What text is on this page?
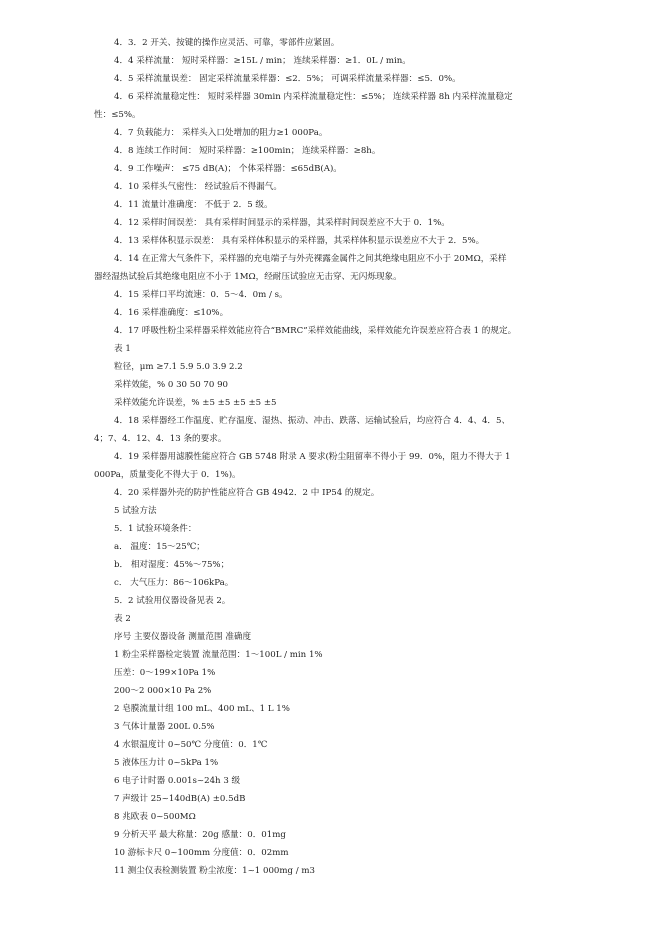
4．3．2 开关、按键的操作应灵活、可靠，零部件应紧固。
4．4 采样流量： 短时采样器：≥15L / min； 连续采样器：≥1．0L / min。
4．5 采样流量误差： 固定采样流量采样器：≤2．5%； 可调采样流量采样器：≤5．0%。
4．6 采样流量稳定性： 短时采样器 30min 内采样流量稳定性：≤5%； 连续采样器 8h 内采样流量稳定
性：≤5%。
4．7 负载能力： 采样头入口处增加的阻力≥1 000Pa。
4．8 连续工作时间： 短时采样器：≥100min； 连续采样器：≥8h。
4．9 工作噪声： ≤75 dB(A)； 个体采样器：≤65dB(A)。
4．10 采样头气密性： 经试验后不得漏气。
4．11 流量计准确度： 不低于 2．5 级。
4．12 采样时间误差： 具有采样时间显示的采样器，其采样时间误差应不大于 0．1%。
4．13 采样体积显示误差： 具有采样体积显示的采样器，其采样体积显示误差应不大于 2．5%。
4．14 在正常大气条件下，采样器的充电端子与外壳裸露金属件之间其绝缘电阻应不小于 20MΩ，采样
器经湿热试验后其绝缘电阻应不小于 1MΩ，经耐压试验应无击穿、无闪烁现象。
4．15 采样口平均流速：0．5～4．0m / s。
4．16 采样准确度：≤10%。
4．17 呼吸性粉尘采样器采样效能应符合“BMRC”采样效能曲线，采样效能允许误差应符合表 1 的规定。
表 1
粒径，μm ≥7.1 5.9 5.0 3.9 2.2
采样效能，% 0 30 50 70 90
采样效能允许误差，% ±5 ±5 ±5 ±5 ±5
4．18 采样器经工作温度、贮存温度、湿热、振动、冲击、跌落、运输试验后，均应符合 4．4、4．5、
4；7、4．12、4．13 条的要求。
4．19 采样器用滤膜性能应符合 GB 5748 附录 A 要求(粉尘阻留率不得小于 99．0%，阻力不得大于 1
000Pa，质量变化不得大于 0．1%)。
4．20 采样器外壳的防护性能应符合 GB 4942．2 中 IP54 的规定。
5 试验方法
5．1 试验环境条件：
a． 温度：15～25℃；
b． 相对湿度：45%～75%；
c． 大气压力：86～106kPa。
5．2 试验用仪器设备见表 2。
表 2
序号 主要仪器设备 测量范围 准确度
1 粉尘采样器检定装置 流量范围：1～100L / min 1%
压差：0～199×10Pa 1%
200～2 000×10 Pa 2%
2 皂膜流量计组 100 mL、400 mL、1 L 1%
3 气体计量器 200L 0.5%
4 水银温度计 0~50℃ 分度值：0．1℃
5 液体压力计 0~5kPa 1%
6 电子计时器 0.001s~24h 3 级
7 声级计 25~140dB(A) ±0.5dB
8 兆欧表 0~500MΩ
9 分析天平 最大称量：20g 感量：0．01mg
10 游标卡尺 0~100mm 分度值：0．02mm
11 测尘仪表检测装置 粉尘浓度：1~1 000mg / m3
